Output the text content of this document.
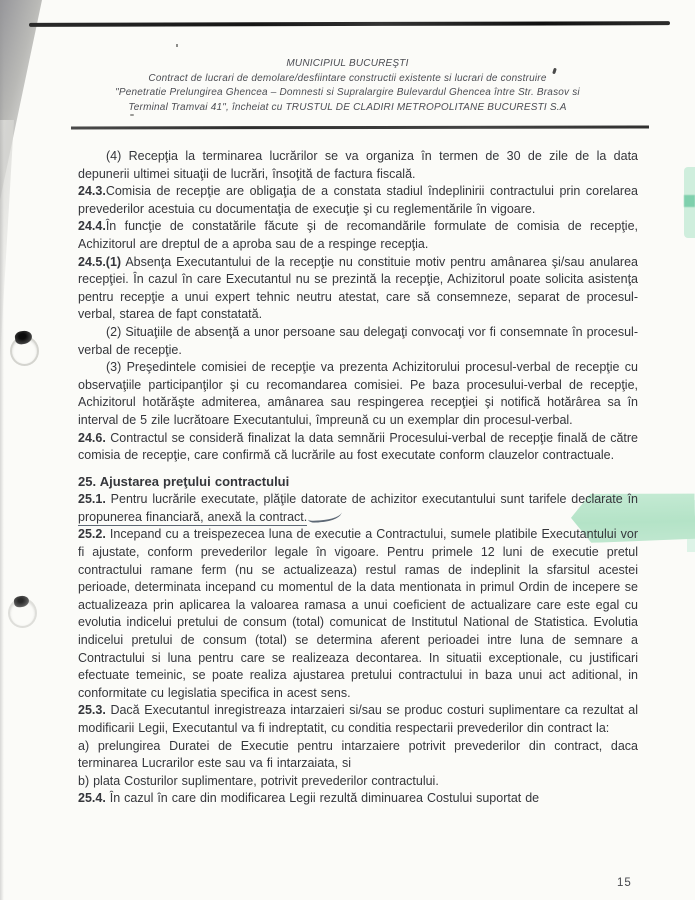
MUNICIPIUL BUCUREŞTI
Contract de lucrari de demolare/desfiintare constructii existente si lucrari de construire
"Penetratie Prelungirea Ghencea – Domnesti si Supralargire Bulevardul Ghencea între Str. Brasov si
Terminal Tramvai 41", încheiat cu TRUSTUL DE CLADIRI METROPOLITANE BUCURESTI S.A

(4) Recepţia la terminarea lucrărilor se va organiza în termen de 30 de zile de la data depunerii ultimei situaţii de lucrări, însoţită de factura fiscală.

24.3.Comisia de recepţie are obligaţia de a constata stadiul îndeplinirii contractului prin corelarea prevederilor acestuia cu documentaţia de execuţie şi cu reglementările în vigoare.

24.4.În funcţie de constatările făcute şi de recomandările formulate de comisia de recepţie, Achizitorul are dreptul de a aproba sau de a respinge recepţia.

24.5.(1) Absenţa Executantului de la recepţie nu constituie motiv pentru amânarea şi/sau anularea recepţiei. În cazul în care Executantul nu se prezintă la recepţie, Achizitorul poate solicita asistenţa pentru recepţie a unui expert tehnic neutru atestat, care să consemneze, separat de procesul-verbal, starea de fapt constatată.

(2) Situaţiile de absenţă a unor persoane sau delegaţi convocaţi vor fi consemnate în procesul-verbal de recepţie.

(3) Preşedintele comisiei de recepţie va prezenta Achizitorului procesul-verbal de recepţie cu observaţiile participanţilor şi cu recomandarea comisiei. Pe baza procesului-verbal de recepţie, Achizitorul hotărăşte admiterea, amânarea sau respingerea recepţiei şi notifică hotărârea sa în interval de 5 zile lucrătoare Executantului, împreună cu un exemplar din procesul-verbal.

24.6. Contractul se consideră finalizat la data semnării Procesului-verbal de recepţie finală de către comisia de recepţie, care confirmă că lucrările au fost executate conform clauzelor contractuale.

25. Ajustarea preţului contractului

25.1. Pentru lucrările executate, plăţile datorate de achizitor executantului sunt tarifele declarate în propunerea financiară, anexă la contract.

25.2. Incepand cu a treispezecea luna de executie a Contractului, sumele platibile Executantului vor fi ajustate, conform prevederilor legale în vigoare. Pentru primele 12 luni de executie pretul contractului ramane ferm (nu se actualizeaza) restul ramas de indeplinit la sfarsitul acestei perioade, determinata incepand cu momentul de la data mentionata in primul Ordin de incepere se actualizeaza prin aplicarea la valoarea ramasa a unui coeficient de actualizare care este egal cu evolutia indicelui pretului de consum (total) comunicat de Institutul National de Statistica. Evolutia indicelui pretului de consum (total) se determina aferent perioadei intre luna de semnare a Contractului si luna pentru care se realizeaza decontarea. In situatii exceptionale, cu justificari efectuate temeinic, se poate realiza ajustarea pretului contractului in baza unui act aditional, in conformitate cu legislatia specifica in acest sens.

25.3. Dacă Executantul inregistreaza intarzaieri si/sau se produc costuri suplimentare ca rezultat al modificarii Legii, Executantul va fi indreptatit, cu conditia respectarii prevederilor din contract la:

a) prelungirea Duratei de Executie pentru intarzaiere potrivit prevederilor din contract, daca terminarea Lucrarilor este sau va fi intarzaiata, si

b) plata Costurilor suplimentare, potrivit prevederilor contractului.

25.4. În cazul în care din modificarea Legii rezultă diminuarea Costului suportat de

15
